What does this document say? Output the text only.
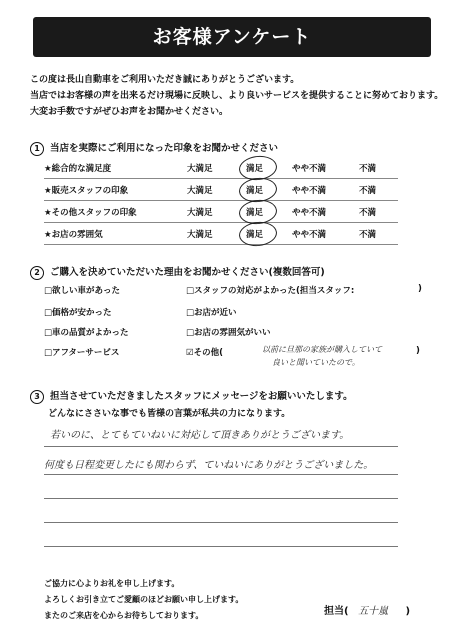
お客様アンケート
この度は長山自動車をご利用いただき誠にありがとうございます。
当店ではお客様の声を出来るだけ現場に反映し、より良いサービスを提供することに努めております。
大変お手数ですがぜひお声をお聞かせください。
1 当店を実際にご利用になった印象をお聞かせください
★総合的な満足度	大満足	満足	やや不満	不満
★販売スタッフの印象	大満足	満足	やや不満	不満
★その他スタッフの印象	大満足	満足	やや不満	不満
★お店の雰囲気	大満足	満足	やや不満	不満
2 ご購入を決めていただいた理由をお聞かせください(複数回答可)
□欲しい車があった
□価格が安かった
□車の品質がよかった
□アフターサービス
□スタッフの対応がよかった(担当スタッフ:	)
□お店が近い
□お店の雰囲気がいい
☑その他(	以前に旦那の家族が購入していて
良いと聞いていたので。
)
3 担当させていただきましたスタッフにメッセージをお願いいたします。
どんなにささいな事でも皆様の言葉が私共の力になります。
若いのに、とてもていねいに対応して頂きありがとうございます。
何度も日程変更したにも関わらず、ていねいにありがとうございました。
ご協力に心よりお礼を申し上げます。
よろしくお引き立てご愛顧のほどお願い申し上げます。
またのご来店を心からお待ちしております。	担当( 五十嵐 )
